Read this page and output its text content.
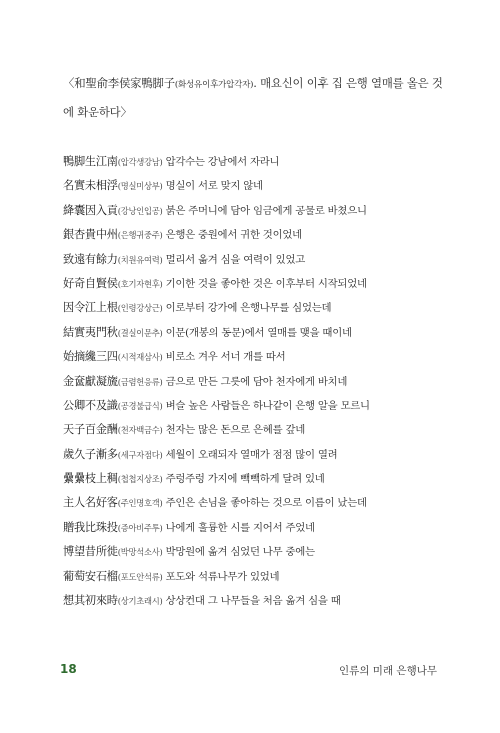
〈和聖俞李侯家鴨脚子(화성유이후가압각자). 매요신이 이후 집 은행 열매를 올은 것에 화운하다〉
鴨脚生江南(압각생강남) 압각수는 강남에서 자라니
名實未相浮(명실미상부) 명실이 서로 맞지 않네
絳囊因入貢(강낭인입공) 붉은 주머니에 담아 임금에게 공물로 바쳤으니
銀杏貴中州(은행귀중주) 은행은 중원에서 귀한 것이었네
致遠有餘力(치원유여력) 멀리서 옮겨 심을 여력이 있었고
好奇自賢侯(호기자현후) 기이한 것을 좋아한 것은 이후부터 시작되었네
因令江上根(인령강상근) 이로부터 강가에 은행나무를 심었는데
結實夷門秋(결실이문추) 이문(개봉의 동문)에서 열매를 맺을 때이네
始摘纔三四(시적재삼사) 비로소 겨우 서너 개를 따서
金奩獻凝旒(금렴헌응류) 금으로 만든 그릇에 담아 천자에게 바치네
公卿不及識(공경불급식) 벼슬 높은 사람들은 하나같이 은행 알을 모르니
天子百金酬(천자백금수) 천자는 많은 돈으로 은혜를 갚네
歲久子漸多(세구자점다) 세월이 오래되자 열매가 점점 많이 열려
纍纍枝上稠(첩첩지상조) 주렁주렁 가지에 빽빽하게 달려 있네
主人名好客(주인명호객) 주인은 손님을 좋아하는 것으로 이름이 났는데
贈我比珠投(증아비주투) 나에게 훌륭한 시를 지어서 주었네
博望昔所徙(박망석소사) 박망원에 옮겨 심었던 나무 중에는
葡萄安石榴(포도안석류) 포도와 석류나무가 있었네
想其初來時(상기초래시) 상상컨대 그 나무들을 처음 옮겨 심을 때
18	인류의 미래 은행나무
